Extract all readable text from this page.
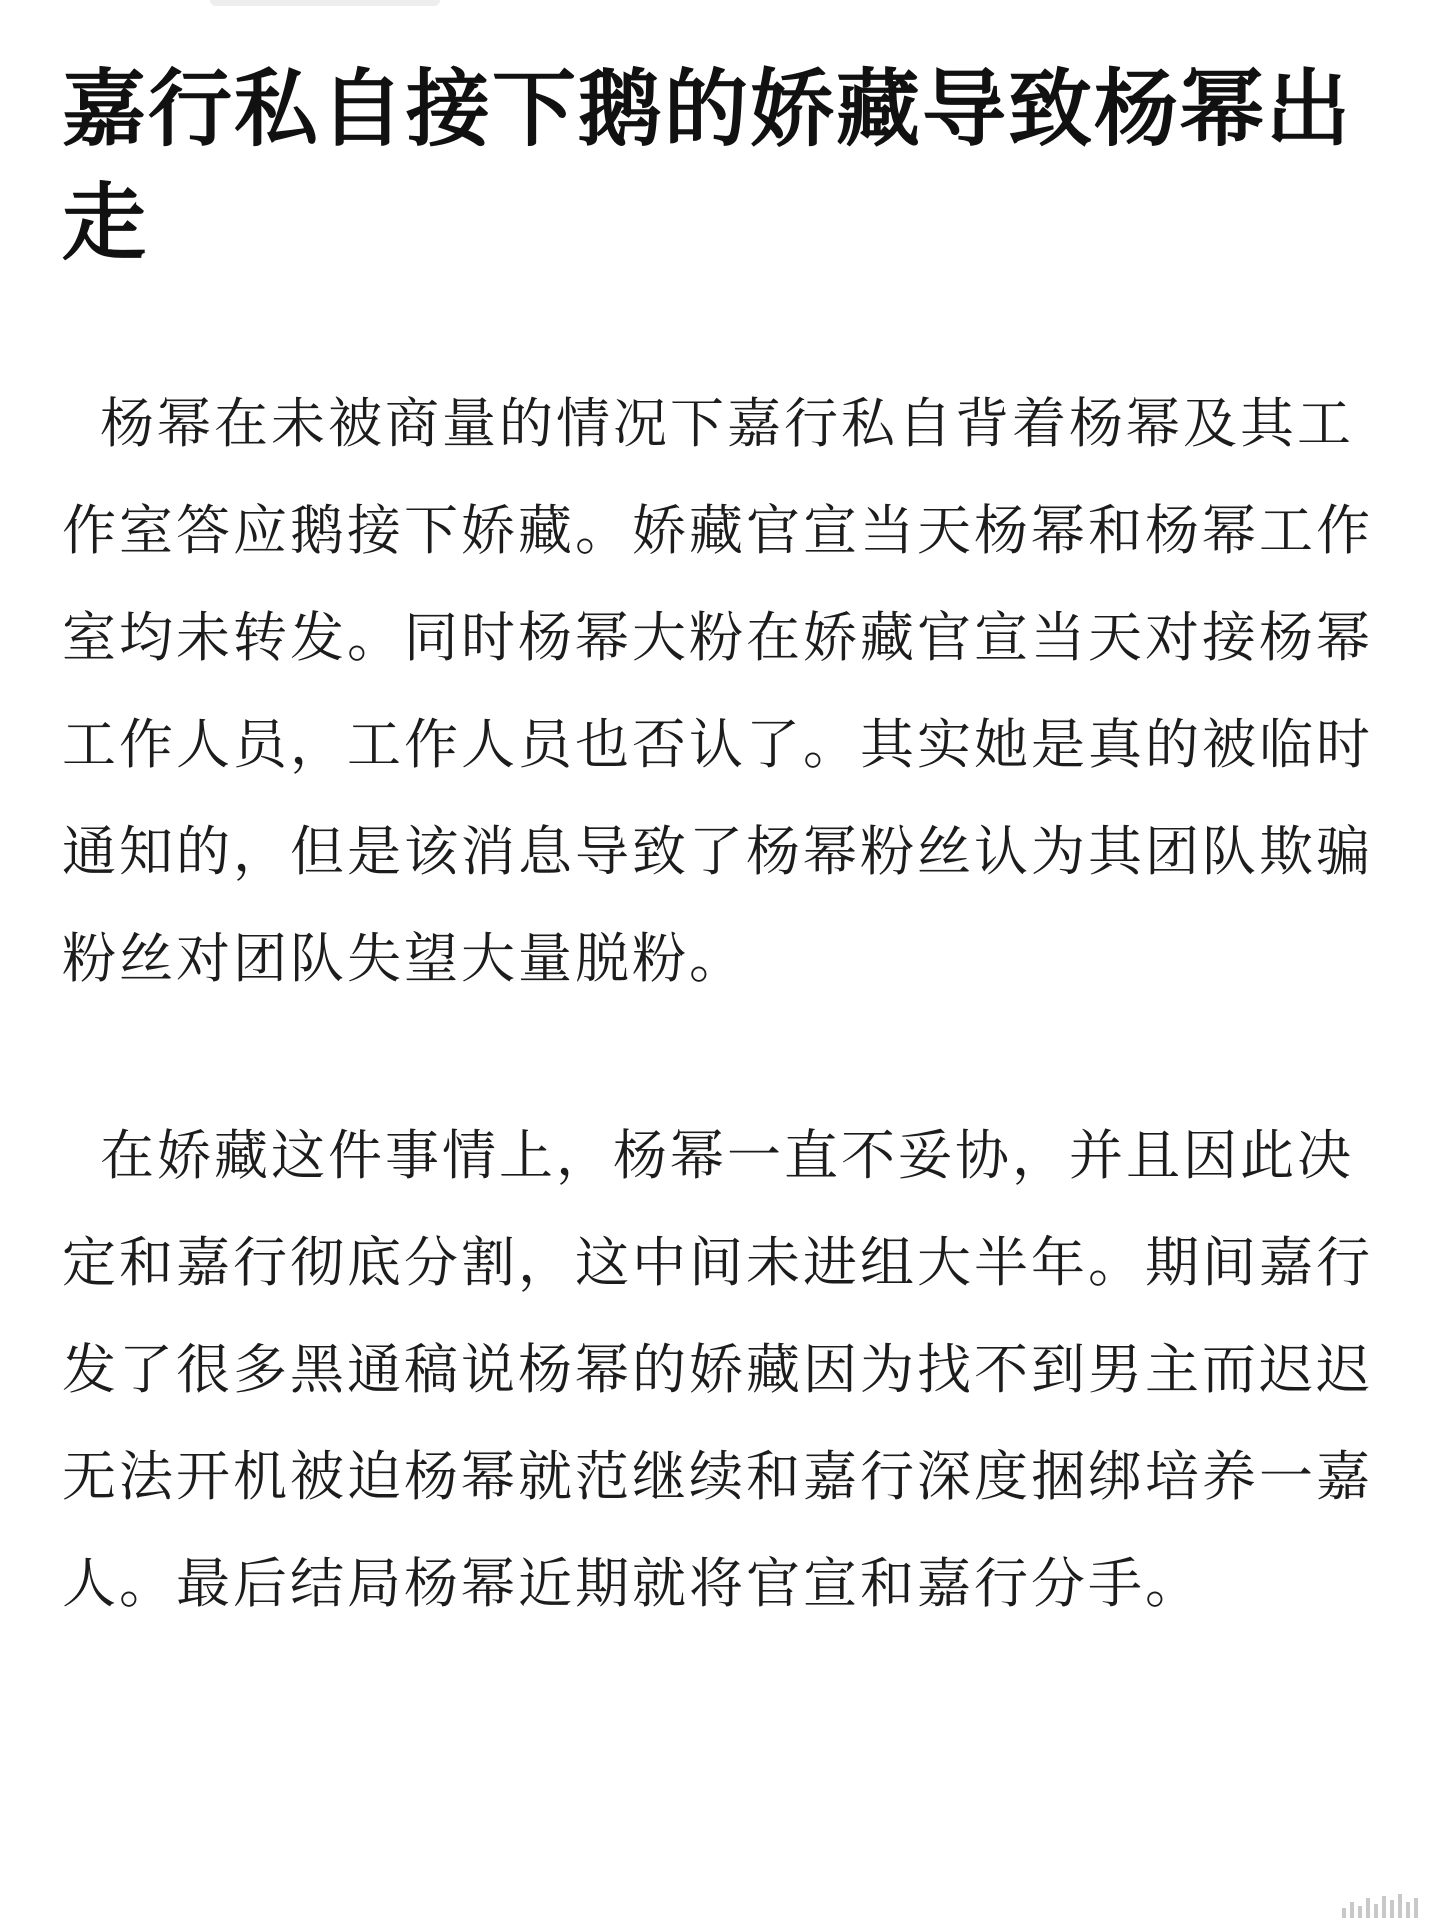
嘉行私自接下鹅的娇藏导致杨幂出走

杨幂在未被商量的情况下嘉行私自背着杨幂及其工作室答应鹅接下娇藏。娇藏官宣当天杨幂和杨幂工作室均未转发。同时杨幂大粉在娇藏官宣当天对接杨幂工作人员，工作人员也否认了。其实她是真的被临时通知的，但是该消息导致了杨幂粉丝认为其团队欺骗粉丝对团队失望大量脱粉。

在娇藏这件事情上，杨幂一直不妥协，并且因此决定和嘉行彻底分割，这中间未进组大半年。期间嘉行发了很多黑通稿说杨幂的娇藏因为找不到男主而迟迟无法开机被迫杨幂就范继续和嘉行深度捆绑培养一嘉人。最后结局杨幂近期就将官宣和嘉行分手。
